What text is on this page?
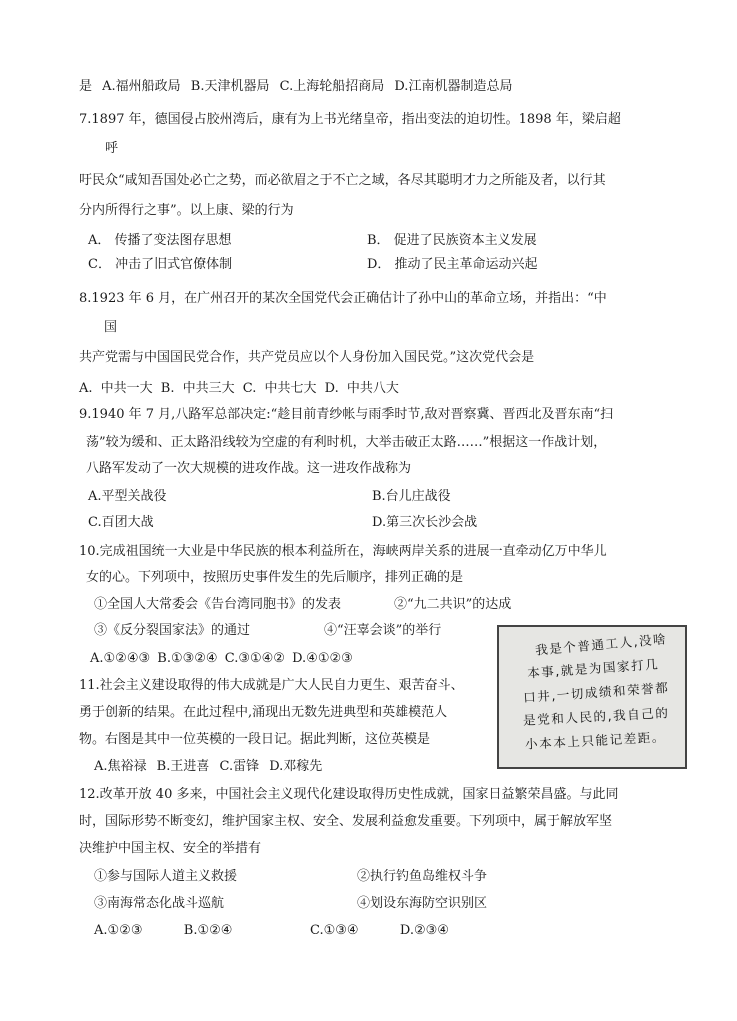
是 A.福州船政局 B.天津机器局 C.上海轮船招商局 D.江南机器制造总局
7.1897 年，德国侵占胶州湾后，康有为上书光绪皇帝，指出变法的迫切性。1898 年，梁启超
呼
吁民众“咸知吾国处必亡之势，而必欲眉之于不亡之域，各尽其聪明才力之所能及者，以行其
分内所得行之事”。以上康、梁的行为
A． 传播了变法图存思想	B． 促进了民族资本主义发展
C． 冲击了旧式官僚体制	D． 推动了民主革命运动兴起
8.1923 年 6 月，在广州召开的某次全国党代会正确估计了孙中山的革命立场，并指出：“中
国
共产党需与中国国民党合作，共产党员应以个人身份加入国民党。”这次党代会是
A. 中共一大 B. 中共三大 C. 中共七大 D. 中共八大
9.1940 年 7 月,八路军总部决定:“趁目前青纱帐与雨季时节,敌对晋察冀、晋西北及晋东南“扫
荡”较为缓和、正太路沿线较为空虚的有利时机，大举击破正太路……”根据这一作战计划，
八路军发动了一次大规模的进攻作战。这一进攻作战称为
A.平型关战役	B.台儿庄战役
C.百团大战	D.第三次长沙会战
10.完成祖国统一大业是中华民族的根本利益所在，海峡两岸关系的进展一直牵动亿万中华儿
女的心。下列项中，按照历史事件发生的先后顺序，排列正确的是
①全国人大常委会《告台湾同胞书》的发表	②“九二共识”的达成
③《反分裂国家法》的通过	④“汪辜会谈”的举行
A.①②④③ B.①③②④ C.③①④② D.④①②③
11.社会主义建设取得的伟大成就是广大人民自力更生、艰苦奋斗、
勇于创新的结果。在此过程中,涌现出无数先进典型和英雄模范人
物。右图是其中一位英模的一段日记。据此判断，这位英模是
A.焦裕禄 B.王进喜 C.雷锋 D.邓稼先
我是个普通工人,没啥
本事,就是为国家打几
口井,一切成绩和荣誉都
是党和人民的,我自己的
小本本上只能记差距。
12.改革开放 40 多来，中国社会主义现代化建设取得历史性成就，国家日益繁荣昌盛。与此同
时，国际形势不断变幻，维护国家主权、安全、发展利益愈发重要。下列项中，属于解放军坚
决维护中国主权、安全的举措有
①参与国际人道主义救援	②执行钓鱼岛维权斗争
③南海常态化战斗巡航	④划设东海防空识别区
A.①②③          B.①②④	C.①③④          D.②③④
